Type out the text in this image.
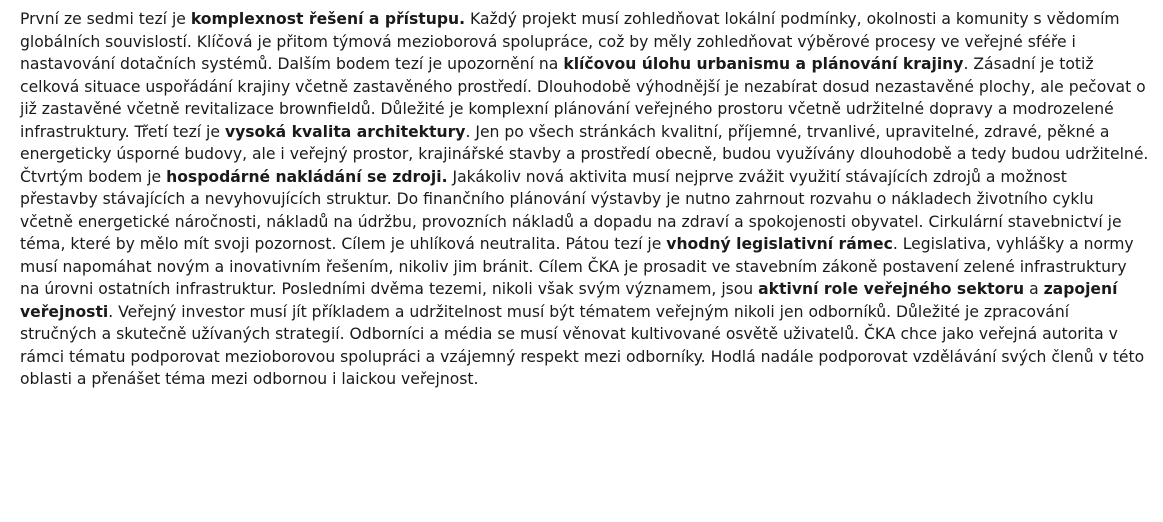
První ze sedmi tezí je komplexnost řešení a přístupu. Každý projekt musí zohledňovat lokální podmínky, okolnosti a komunity s vědomím globálních souvislostí. Klíčová je přitom týmová mezioborová spolupráce, což by měly zohledňovat výběrové procesy ve veřejné sféře i nastavování dotačních systémů. Dalším bodem tezí je upozornění na klíčovou úlohu urbanismu a plánování krajiny. Zásadní je totiž celková situace uspořádání krajiny včetně zastavěného prostředí. Dlouhodobě výhodnější je nezabírat dosud nezastavěné plochy, ale pečovat o již zastavěné včetně revitalizace brownfieldů. Důležité je komplexní plánování veřejného prostoru včetně udržitelné dopravy a modrozelené infrastruktury. Třetí tezí je vysoká kvalita architektury. Jen po všech stránkách kvalitní, příjemné, trvanlivé, upravitelné, zdravé, pěkné a energeticky úsporné budovy, ale i veřejný prostor, krajinářské stavby a prostředí obecně, budou využívány dlouhodobě a tedy budou udržitelné. Čtvrtým bodem je hospodárné nakládání se zdroji. Jakákoliv nová aktivita musí nejprve zvážit využití stávajících zdrojů a možnost přestavby stávajících a nevyhovujících struktur. Do finančního plánování výstavby je nutno zahrnout rozvahu o nákladech životního cyklu včetně energetické náročnosti, nákladů na údržbu, provozních nákladů a dopadu na zdraví a spokojenosti obyvatel. Cirkulární stavebnictví je téma, které by mělo mít svoji pozornost. Cílem je uhlíková neutralita. Pátou tezí je vhodný legislativní rámec. Legislativa, vyhlášky a normy musí napomáhat novým a inovativním řešením, nikoliv jim bránit. Cílem ČKA je prosadit ve stavebním zákoně postavení zelené infrastruktury na úrovni ostatních infrastruktur. Posledními dvěma tezemi, nikoli však svým významem, jsou aktivní role veřejného sektoru a zapojení veřejnosti. Veřejný investor musí jít příkladem a udržitelnost musí být tématem veřejným nikoli jen odborníků. Důležité je zpracování stručných a skutečně užívaných strategií. Odborníci a média se musí věnovat kultivované osvětě uživatelů. ČKA chce jako veřejná autorita v rámci tématu podporovat mezioborovou spolupráci a vzájemný respekt mezi odborníky. Hodlá nadále podporovat vzdělávání svých členů v této oblasti a přenášet téma mezi odbornou i laickou veřejnost.
